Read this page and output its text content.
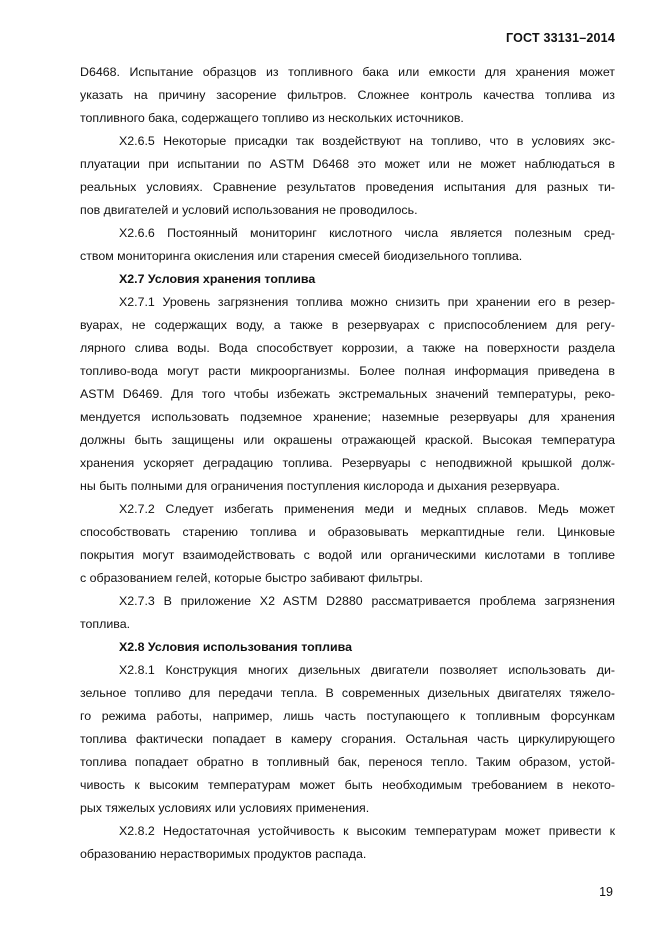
ГОСТ 33131–2014
D6468. Испытание образцов из топливного бака или емкости для хранения может
указать на причину засорение фильтров. Сложнее контроль качества топлива из
топливного бака, содержащего топливо из нескольких источников.
X2.6.5 Некоторые присадки так воздействуют на топливо, что в условиях экс-
плуатации при испытании по ASTM D6468 это может или не может наблюдаться в
реальных условиях. Сравнение результатов проведения испытания для разных ти-
пов двигателей и условий использования не проводилось.
X2.6.6 Постоянный мониторинг кислотного числа является полезным сред-
ством мониторинга окисления или старения смесей биодизельного топлива.
X2.7 Условия хранения топлива
X2.7.1 Уровень загрязнения топлива можно снизить при хранении его в резер-
вуарах, не содержащих воду, а также в резервуарах с приспособлением для регу-
лярного слива воды. Вода способствует коррозии, а также на поверхности раздела
топливо-вода могут расти микроорганизмы. Более полная информация приведена в
ASTM D6469. Для того чтобы избежать экстремальных значений температуры, реко-
мендуется использовать подземное хранение; наземные резервуары для хранения
должны быть защищены или окрашены отражающей краской. Высокая температура
хранения ускоряет деградацию топлива. Резервуары с неподвижной крышкой долж-
ны быть полными для ограничения поступления кислорода и дыхания резервуара.
X2.7.2 Следует избегать применения меди и медных сплавов. Медь может
способствовать старению топлива и образовывать меркаптидные гели. Цинковые
покрытия могут взаимодействовать с водой или органическими кислотами в топливе
с образованием гелей, которые быстро забивают фильтры.
X2.7.3 В приложение X2 ASTM D2880 рассматривается проблема загрязнения
топлива.
X2.8 Условия использования топлива
X2.8.1 Конструкция многих дизельных двигатели позволяет использовать ди-
зельное топливо для передачи тепла. В современных дизельных двигателях тяжело-
го режима работы, например, лишь часть поступающего к топливным форсункам
топлива фактически попадает в камеру сгорания. Остальная часть циркулирующего
топлива попадает обратно в топливный бак, перенося тепло. Таким образом, устой-
чивость к высоким температурам может быть необходимым требованием в некото-
рых тяжелых условиях или условиях применения.
X2.8.2 Недостаточная устойчивость к высоким температурам может привести к
образованию нерастворимых продуктов распада.
19
